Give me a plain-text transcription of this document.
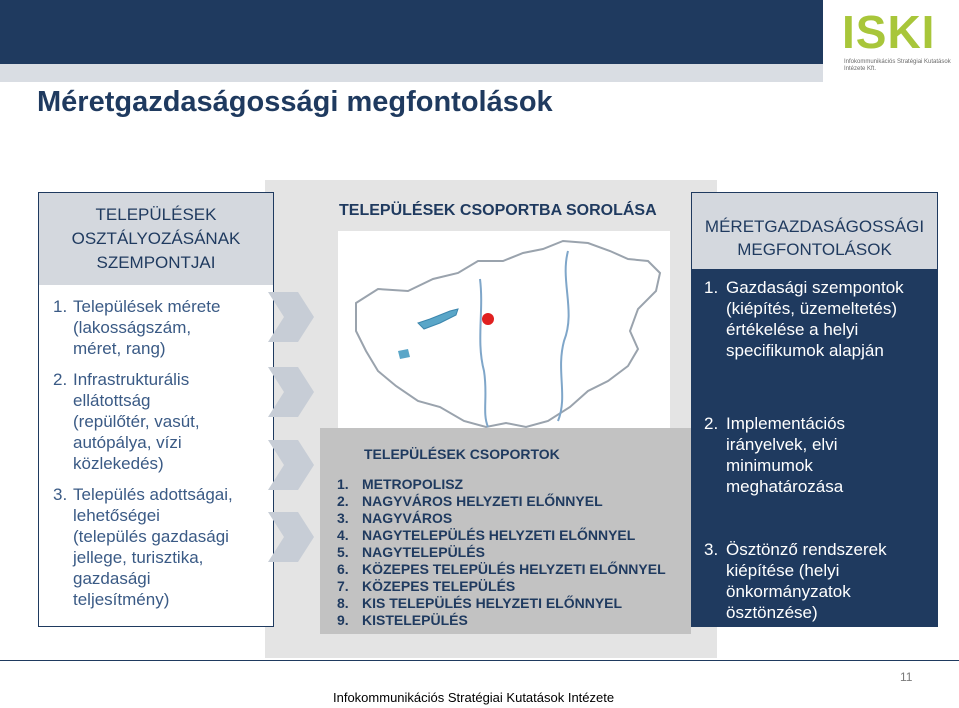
ISKI
Infokommunikációs Stratégiai Kutatások Intézete Kft.
Méretgazdaságossági megfontolások
TELEPÜLÉSEK
OSZTÁLYOZÁSÁNAK
SZEMPONTJAI
1. Települések mérete
(lakosságszám,
méret, rang)
2. Infrastrukturális
ellátottság
(repülőtér, vasút,
autópálya, vízi
közlekedés)
3. Település adottságai,
lehetőségei
(település gazdasági
jellege, turisztika,
gazdasági
teljesítmény)
TELEPÜLÉSEK CSOPORTBA SOROLÁSA
TELEPÜLÉSEK CSOPORTOK
1. METROPOLISZ
2. NAGYVÁROS HELYZETI ELŐNNYEL
3. NAGYVÁROS
4. NAGYTELEPÜLÉS HELYZETI ELŐNNYEL
5. NAGYTELEPÜLÉS
6. KÖZEPES TELEPÜLÉS HELYZETI ELŐNNYEL
7. KÖZEPES TELEPÜLÉS
8. KIS TELEPÜLÉS HELYZETI ELŐNNYEL
9. KISTELEPÜLÉS
MÉRETGAZDASÁGOSSÁGI
MEGFONTOLÁSOK
1. Gazdasági szempontok
(kiépítés, üzemeltetés)
értékelése a helyi
specifikumok alapján
2. Implementációs
irányelvek, elvi
minimumok
meghatározása
3. Ösztönző rendszerek
kiépítése (helyi
önkormányzatok
ösztönzése)
11
Infokommunikációs Stratégiai Kutatások Intézete
